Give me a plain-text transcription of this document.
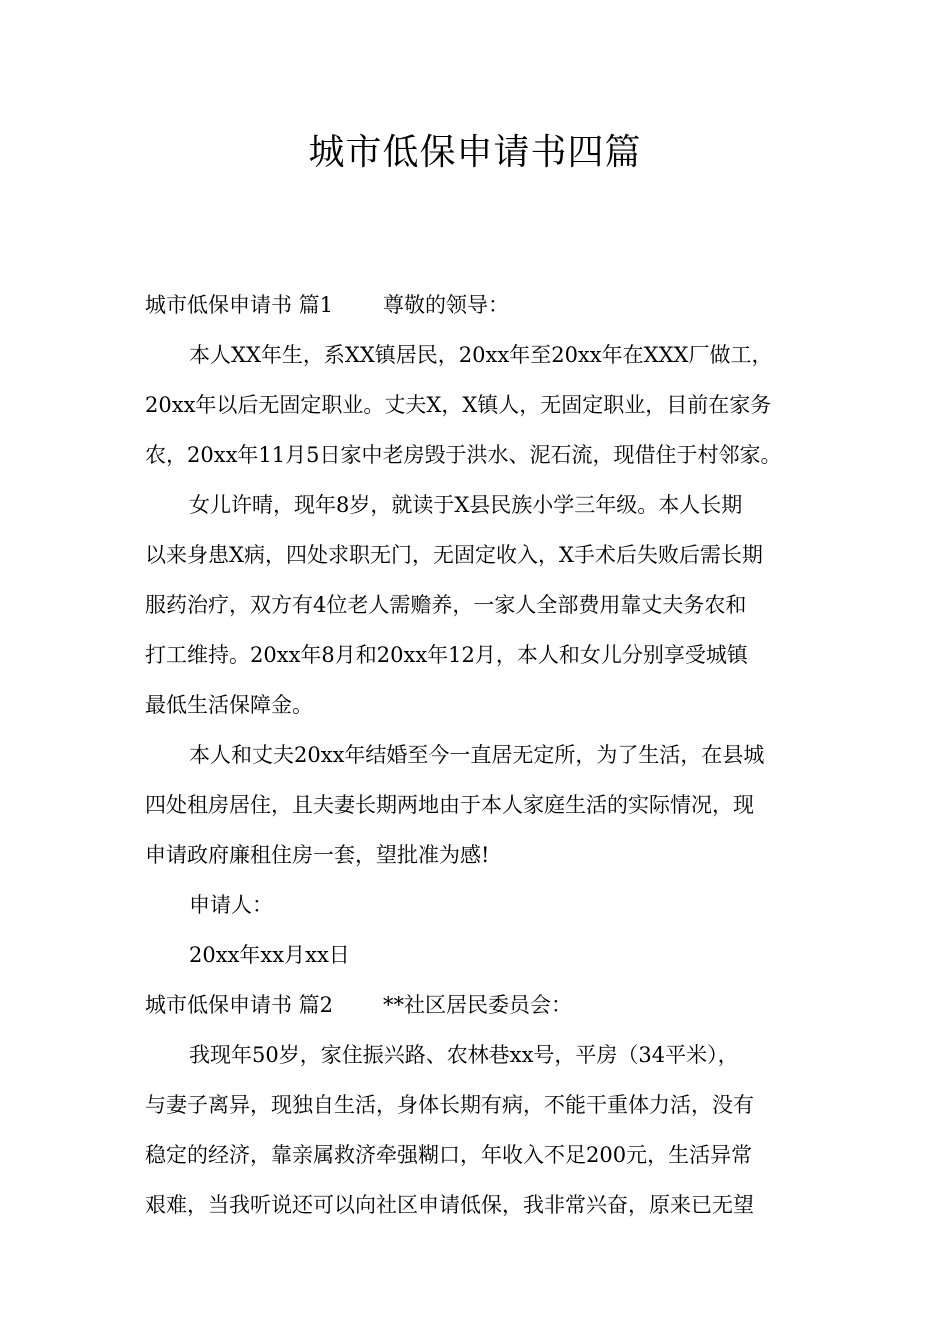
城市低保申请书四篇
城市低保申请书 篇1 尊敬的领导：
本人XX年生，系XX镇居民，20xx年至20xx年在XXX厂做工，
20xx年以后无固定职业。丈夫X，X镇人，无固定职业，目前在家务
农，20xx年11月5日家中老房毁于洪水、泥石流，现借住于村邻家。
女儿许晴，现年8岁，就读于X县民族小学三年级。本人长期
以来身患X病，四处求职无门，无固定收入，X手术后失败后需长期
服药治疗，双方有4位老人需赡养，一家人全部费用靠丈夫务农和
打工维持。20xx年8月和20xx年12月，本人和女儿分别享受城镇
最低生活保障金。
本人和丈夫20xx年结婚至今一直居无定所，为了生活，在县城
四处租房居住，且夫妻长期两地由于本人家庭生活的实际情况，现
申请政府廉租住房一套，望批准为感!
申请人：
20xx年xx月xx日
城市低保申请书 篇2 **社区居民委员会：
我现年50岁，家住振兴路、农林巷xx号，平房（34平米），
与妻子离异，现独自生活，身体长期有病，不能干重体力活，没有
稳定的经济，靠亲属救济牵强糊口，年收入不足200元，生活异常
艰难，当我听说还可以向社区申请低保，我非常兴奋，原来已无望
